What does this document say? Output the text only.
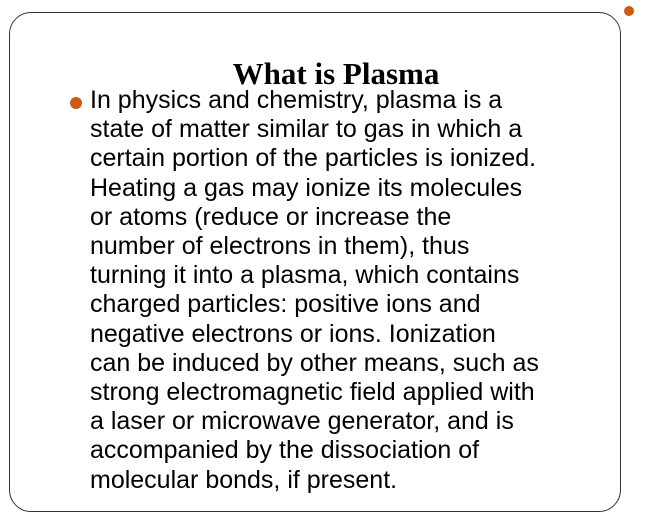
What is Plasma

In physics and chemistry, plasma is a
state of matter similar to gas in which a
certain portion of the particles is ionized.
Heating a gas may ionize its molecules
or atoms (reduce or increase the
number of electrons in them), thus
turning it into a plasma, which contains
charged particles: positive ions and
negative electrons or ions. Ionization
can be induced by other means, such as
strong electromagnetic field applied with
a laser or microwave generator, and is
accompanied by the dissociation of
molecular bonds, if present.
